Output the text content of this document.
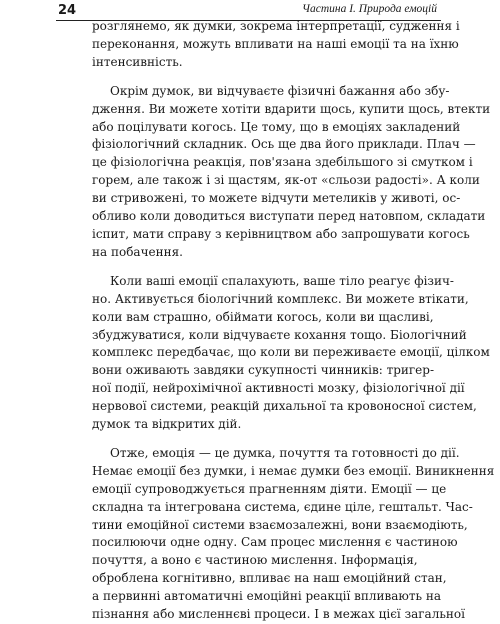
24	Частина І. Природа емоцій

розглянемо, як думки, зокрема інтерпретації, судження і
переконання, можуть впливати на наші емоції та на їхню
інтенсивність.

Окрім думок, ви відчуваєте фізичні бажання або збу-
дження. Ви можете хотіти вдарити щось, купити щось, втекти
або поцілувати когось. Це тому, що в емоціях закладений
фізіологічний складник. Ось ще два його приклади. Плач —
це фізіологічна реакція, пов'язана здебільшого зі смутком і
горем, але також і зі щастям, як-от «сльози радості». А коли
ви стривожені, то можете відчути метеликів у животі, ос-
обливо коли доводиться виступати перед натовпом, складати
іспит, мати справу з керівництвом або запрошувати когось
на побачення.

Коли ваші емоції спалахують, ваше тіло реагує фізич-
но. Активується біологічний комплекс. Ви можете втікати,
коли вам страшно, обіймати когось, коли ви щасливі,
збуджуватися, коли відчуваєте кохання тощо. Біологічний
комплекс передбачає, що коли ви переживаєте емоції, цілком
вони оживають завдяки сукупності чинників: тригер-
ної події, нейрохімічної активності мозку, фізіологічної дії
нервової системи, реакцій дихальної та кровоносної систем,
думок та відкритих дій.

Отже, емоція — це думка, почуття та готовності до дії.
Немає емоції без думки, і немає думки без емоції. Виникнення
емоції супроводжується прагненням діяти. Емоції — це
складна та інтегрована система, єдине ціле, гештальт. Час-
тини емоційної системи взаємозалежні, вони взаємодіють,
посилюючи одне одну. Сам процес мислення є частиною
почуття, а воно є частиною мислення. Інформація,
оброблена когнітивно, впливає на наш емоційний стан,
а первинні автоматичні емоційні реакції впливають на
пізнання або мисленнєві процеси. І в межах цієї загальної
